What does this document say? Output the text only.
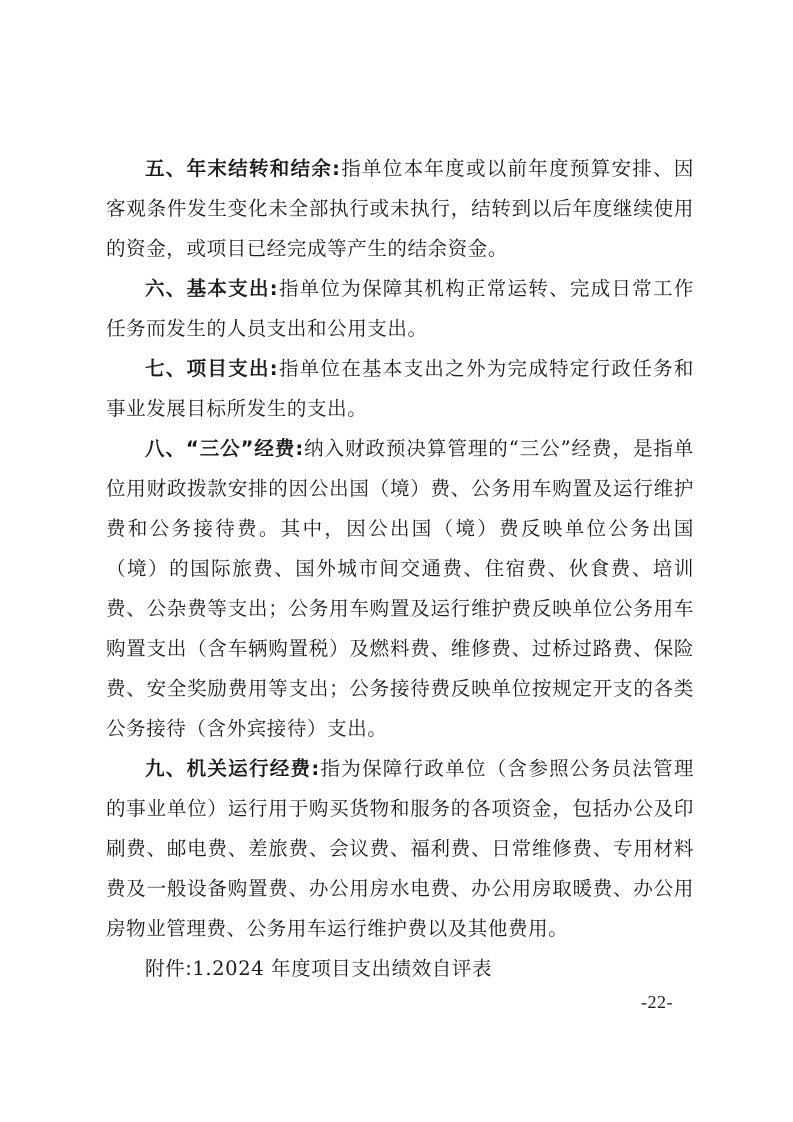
五、年末结转和结余:指单位本年度或以前年度预算安排、因客观条件发生变化未全部执行或未执行，结转到以后年度继续使用的资金，或项目已经完成等产生的结余资金。

六、基本支出:指单位为保障其机构正常运转、完成日常工作任务而发生的人员支出和公用支出。

七、项目支出:指单位在基本支出之外为完成特定行政任务和事业发展目标所发生的支出。

八、“三公”经费:纳入财政预决算管理的“三公”经费，是指单位用财政拨款安排的因公出国（境）费、公务用车购置及运行维护费和公务接待费。其中，因公出国（境）费反映单位公务出国（境）的国际旅费、国外城市间交通费、住宿费、伙食费、培训费、公杂费等支出；公务用车购置及运行维护费反映单位公务用车购置支出（含车辆购置税）及燃料费、维修费、过桥过路费、保险费、安全奖励费用等支出；公务接待费反映单位按规定开支的各类公务接待（含外宾接待）支出。

九、机关运行经费:指为保障行政单位（含参照公务员法管理的事业单位）运行用于购买货物和服务的各项资金，包括办公及印刷费、邮电费、差旅费、会议费、福利费、日常维修费、专用材料费及一般设备购置费、办公用房水电费、办公用房取暖费、办公用房物业管理费、公务用车运行维护费以及其他费用。

附件:1.2024 年度项目支出绩效自评表

-22-
